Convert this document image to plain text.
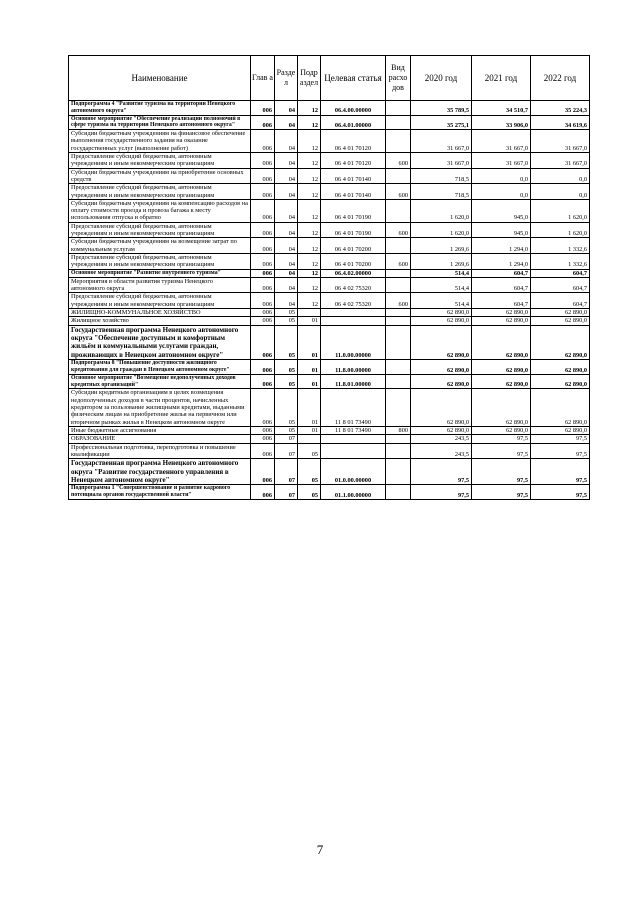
Наименование	Глав а	Разде л	Подр аздел	Целевая статья	Вид расхо дов	2020 год	2021 год	2022 год
Подпрограмма 4 "Развитие туризма на территории Ненецкого автономного округа"	006	04	12	06.4.00.00000		35 789,5	34 510,7	35 224,3
Основное мероприятие "Обеспечение реализации полномочий в сфере туризма на территории Ненецкого автономного округа"	006	04	12	06.4.01.00000		35 275,1	33 906,0	34 619,6
Субсидии бюджетным учреждениям на финансовое обеспечение выполнения государственного задания на оказание государственных услуг (выполнение работ)	006	04	12	06 4 01 70120		31 667,0	31 667,0	31 667,0
Предоставление субсидий бюджетным, автономным учреждениям и иным некоммерческим организациям	006	04	12	06 4 01 70120	600	31 667,0	31 667,0	31 667,0
Субсидии бюджетным учреждениям на приобретение основных средств	006	04	12	06 4 01 70140		718,5	0,0	0,0
Предоставление субсидий бюджетным, автономным учреждениям и иным некоммерческим организациям	006	04	12	06 4 01 70140	600	718,5	0,0	0,0
Субсидии бюджетным учреждениям на компенсацию расходов на оплату стоимости проезда и провоза багажа к месту использования отпуска и обратно	006	04	12	06 4 01 70190		1 620,0	945,0	1 620,0
Предоставление субсидий бюджетным, автономным учреждениям и иным некоммерческим организациям	006	04	12	06 4 01 70190	600	1 620,0	945,0	1 620,0
Субсидии бюджетным учреждениям на возмещение затрат по коммунальным услугам	006	04	12	06 4 01 70200		1 269,6	1 294,0	1 332,6
Предоставление субсидий бюджетным, автономным учреждениям и иным некоммерческим организациям	006	04	12	06 4 01 70200	600	1 269,6	1 294,0	1 332,6
Основное мероприятие "Развитие внутреннего туризма"	006	04	12	06.4.02.00000		514,4	604,7	604,7
Мероприятия в области развития туризма Ненецкого автономного округа	006	04	12	06 4 02 75320		514,4	604,7	604,7
Предоставление субсидий бюджетным, автономным учреждениям и иным некоммерческим организациям	006	04	12	06 4 02 75320	600	514,4	604,7	604,7
ЖИЛИЩНО-КОММУНАЛЬНОЕ ХОЗЯЙСТВО	006	05				62 890,0	62 890,0	62 890,0
Жилищное хозяйство	006	05	01			62 890,0	62 890,0	62 890,0
Государственная программа Ненецкого автономного округа "Обеспечение доступным и комфортным жильём и коммунальными услугами граждан, проживающих в Ненецком автономном округе"	006	05	01	11.0.00.00000		62 890,0	62 890,0	62 890,0
Подпрограмма 8 "Повышение доступности жилищного кредитования для граждан в Ненецком автономном округе"	006	05	01	11.8.00.00000		62 890,0	62 890,0	62 890,0
Основное мероприятие "Возмещение недополученных доходов кредитных организаций"	006	05	01	11.8.01.00000		62 890,0	62 890,0	62 890,0
Субсидии кредитным организациям в целях возмещения недополученных доходов в части процентов, начисленных кредитором за пользование жилищными кредитами, выданными физическим лицам на приобретение жилья на первичном или вторичном рынках жилья в Ненецком автономном округе	006	05	01	11 8 01 73490		62 890,0	62 890,0	62 890,0
Иные бюджетные ассигнования	006	05	01	11 8 01 73490	800	62 890,0	62 890,0	62 890,0
ОБРАЗОВАНИЕ	006	07				243,5	97,5	97,5
Профессиональная подготовка, переподготовка и повышение квалификации	006	07	05			243,5	97,5	97,5
Государственная программа Ненецкого автономного округа "Развитие государственного управления в Ненецком автономном округе"	006	07	05	01.0.00.00000		97,5	97,5	97,5
Подпрограмма 1 "Совершенствование и развитие кадрового потенциала органов государственной власти"	006	07	05	01.1.00.00000		97,5	97,5	97,5
7
